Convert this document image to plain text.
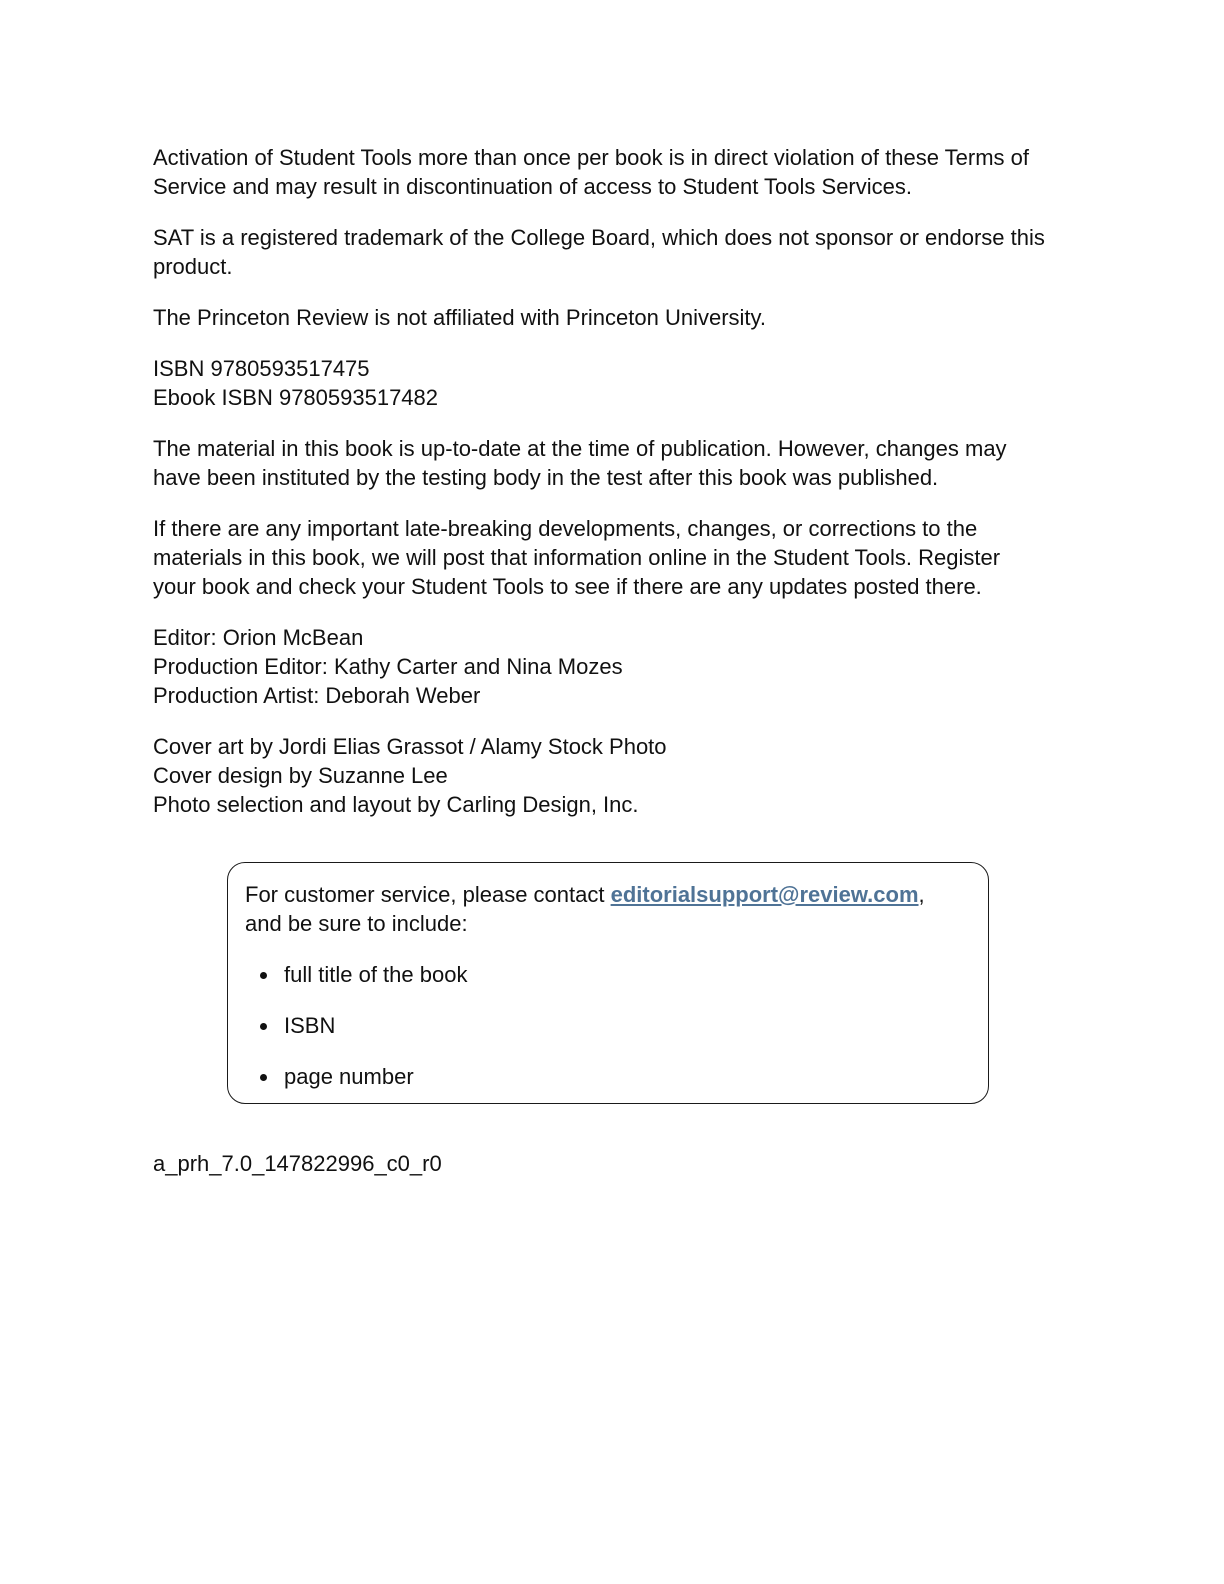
Activation of Student Tools more than once per book is in direct violation of these Terms of
Service and may result in discontinuation of access to Student Tools Services.

SAT is a registered trademark of the College Board, which does not sponsor or endorse this
product.

The Princeton Review is not affiliated with Princeton University.

ISBN 9780593517475
Ebook ISBN 9780593517482

The material in this book is up-to-date at the time of publication. However, changes may
have been instituted by the testing body in the test after this book was published.

If there are any important late-breaking developments, changes, or corrections to the
materials in this book, we will post that information online in the Student Tools. Register
your book and check your Student Tools to see if there are any updates posted there.

Editor: Orion McBean
Production Editor: Kathy Carter and Nina Mozes
Production Artist: Deborah Weber

Cover art by Jordi Elias Grassot / Alamy Stock Photo
Cover design by Suzanne Lee
Photo selection and layout by Carling Design, Inc.

For customer service, please contact editorialsupport@review.com,
and be sure to include:

full title of the book
ISBN
page number

a_prh_7.0_147822996_c0_r0
